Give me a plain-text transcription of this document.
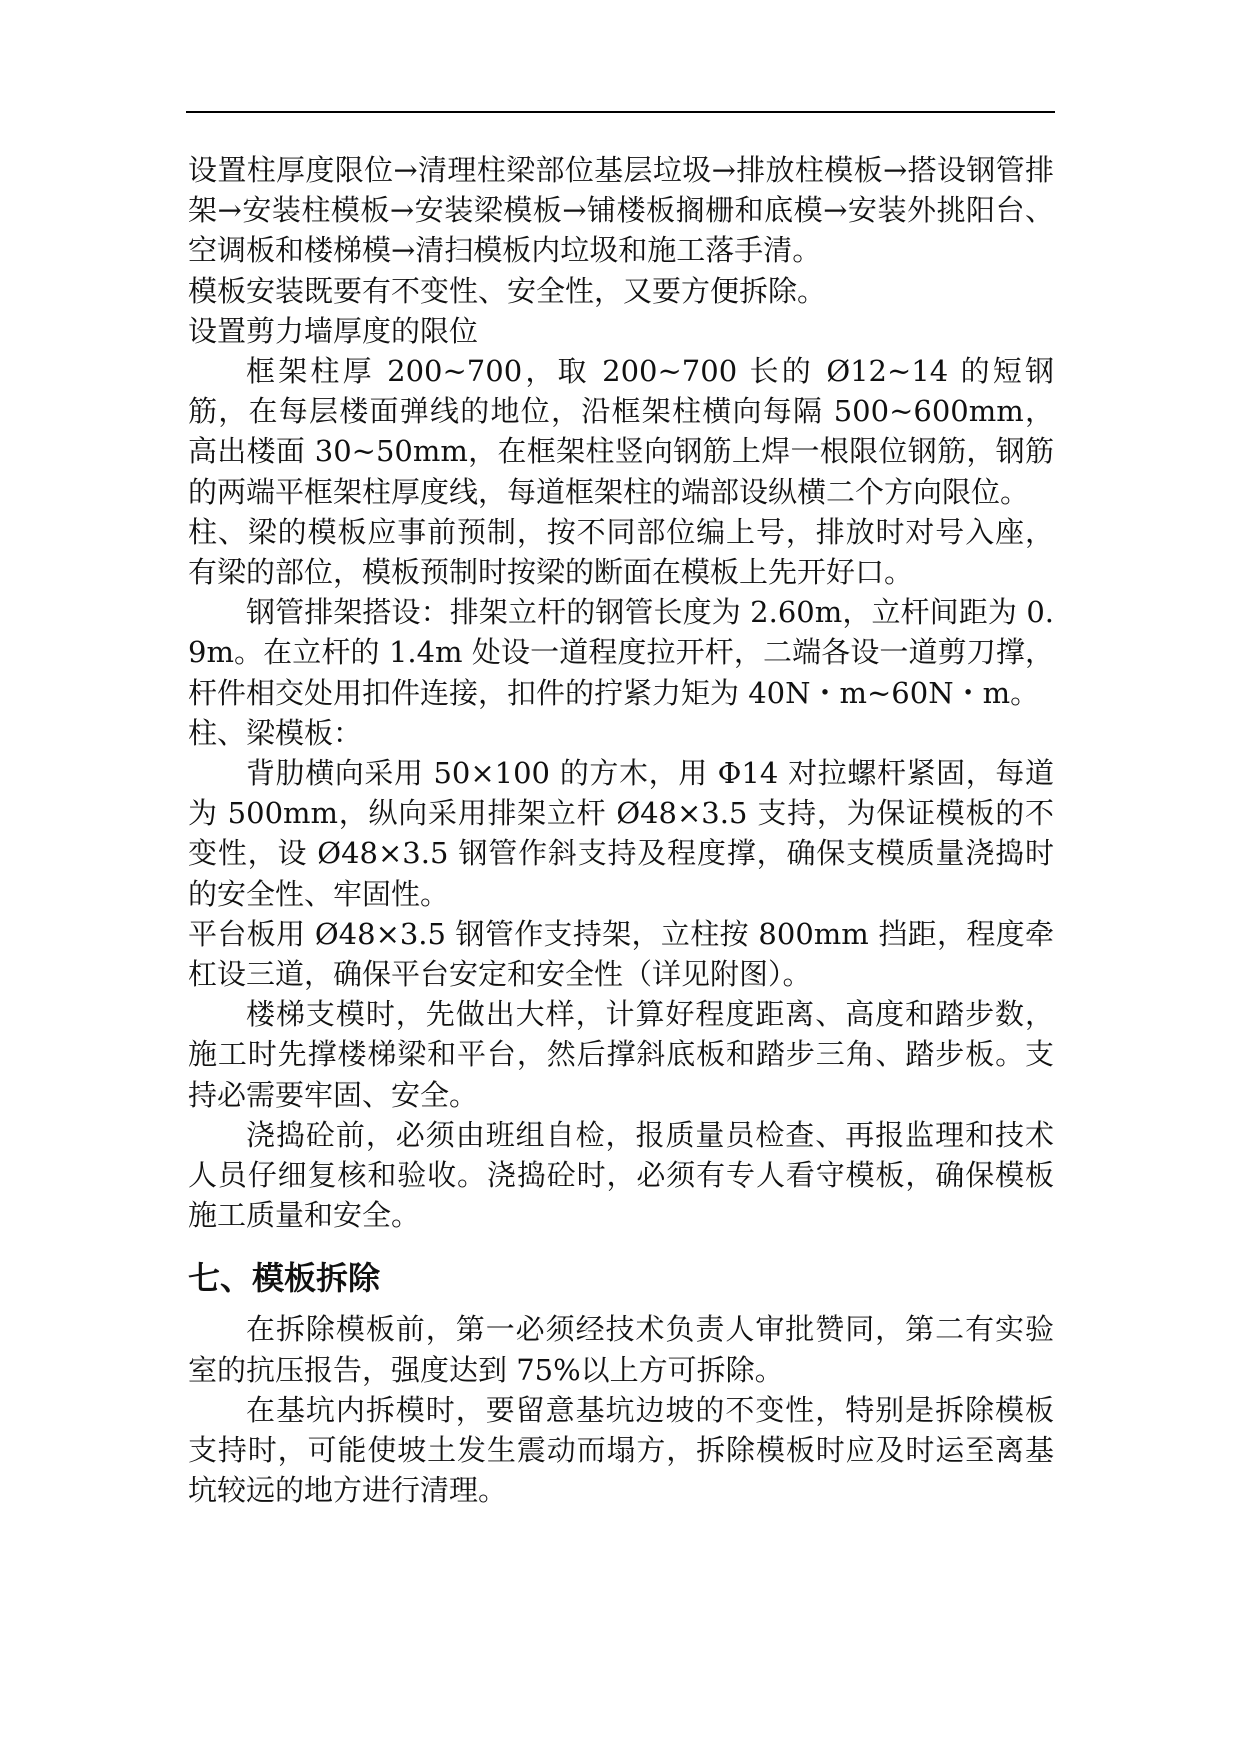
设置柱厚度限位→清理柱梁部位基层垃圾→排放柱模板→搭设钢管排架→安装柱模板→安装梁模板→铺楼板搁栅和底模→安装外挑阳台、空调板和楼梯模→清扫模板内垃圾和施工落手清。

模板安装既要有不变性、安全性，又要方便拆除。

设置剪力墙厚度的限位

框架柱厚 200~700，取 200~700 长的 Ø12~14 的短钢筋，在每层楼面弹线的地位，沿框架柱横向每隔 500~600mm，高出楼面 30~50mm，在框架柱竖向钢筋上焊一根限位钢筋，钢筋的两端平框架柱厚度线，每道框架柱的端部设纵横二个方向限位。

柱、梁的模板应事前预制，按不同部位编上号，排放时对号入座，有梁的部位，模板预制时按梁的断面在模板上先开好口。

钢管排架搭设：排架立杆的钢管长度为 2.60m，立杆间距为 0.9m。在立杆的 1.4m 处设一道程度拉开杆，二端各设一道剪刀撑，杆件相交处用扣件连接，扣件的拧紧力矩为 40N・m~60N・m。

柱、梁模板：

背肋横向采用 50×100 的方木，用 Φ14 对拉螺杆紧固，每道为 500mm，纵向采用排架立杆 Ø48×3.5 支持，为保证模板的不变性，设 Ø48×3.5 钢管作斜支持及程度撑，确保支模质量浇捣时的安全性、牢固性。

平台板用 Ø48×3.5 钢管作支持架，立柱按 800mm 挡距，程度牵杠设三道，确保平台安定和安全性（详见附图）。

楼梯支模时，先做出大样，计算好程度距离、高度和踏步数，施工时先撑楼梯梁和平台，然后撑斜底板和踏步三角、踏步板。支持必需要牢固、安全。

浇捣砼前，必须由班组自检，报质量员检查、再报监理和技术人员仔细复核和验收。浇捣砼时，必须有专人看守模板，确保模板施工质量和安全。

七、模板拆除

在拆除模板前，第一必须经技术负责人审批赞同，第二有实验室的抗压报告，强度达到 75%以上方可拆除。

在基坑内拆模时，要留意基坑边坡的不变性，特别是拆除模板支持时，可能使坡土发生震动而塌方，拆除模板时应及时运至离基坑较远的地方进行清理。
